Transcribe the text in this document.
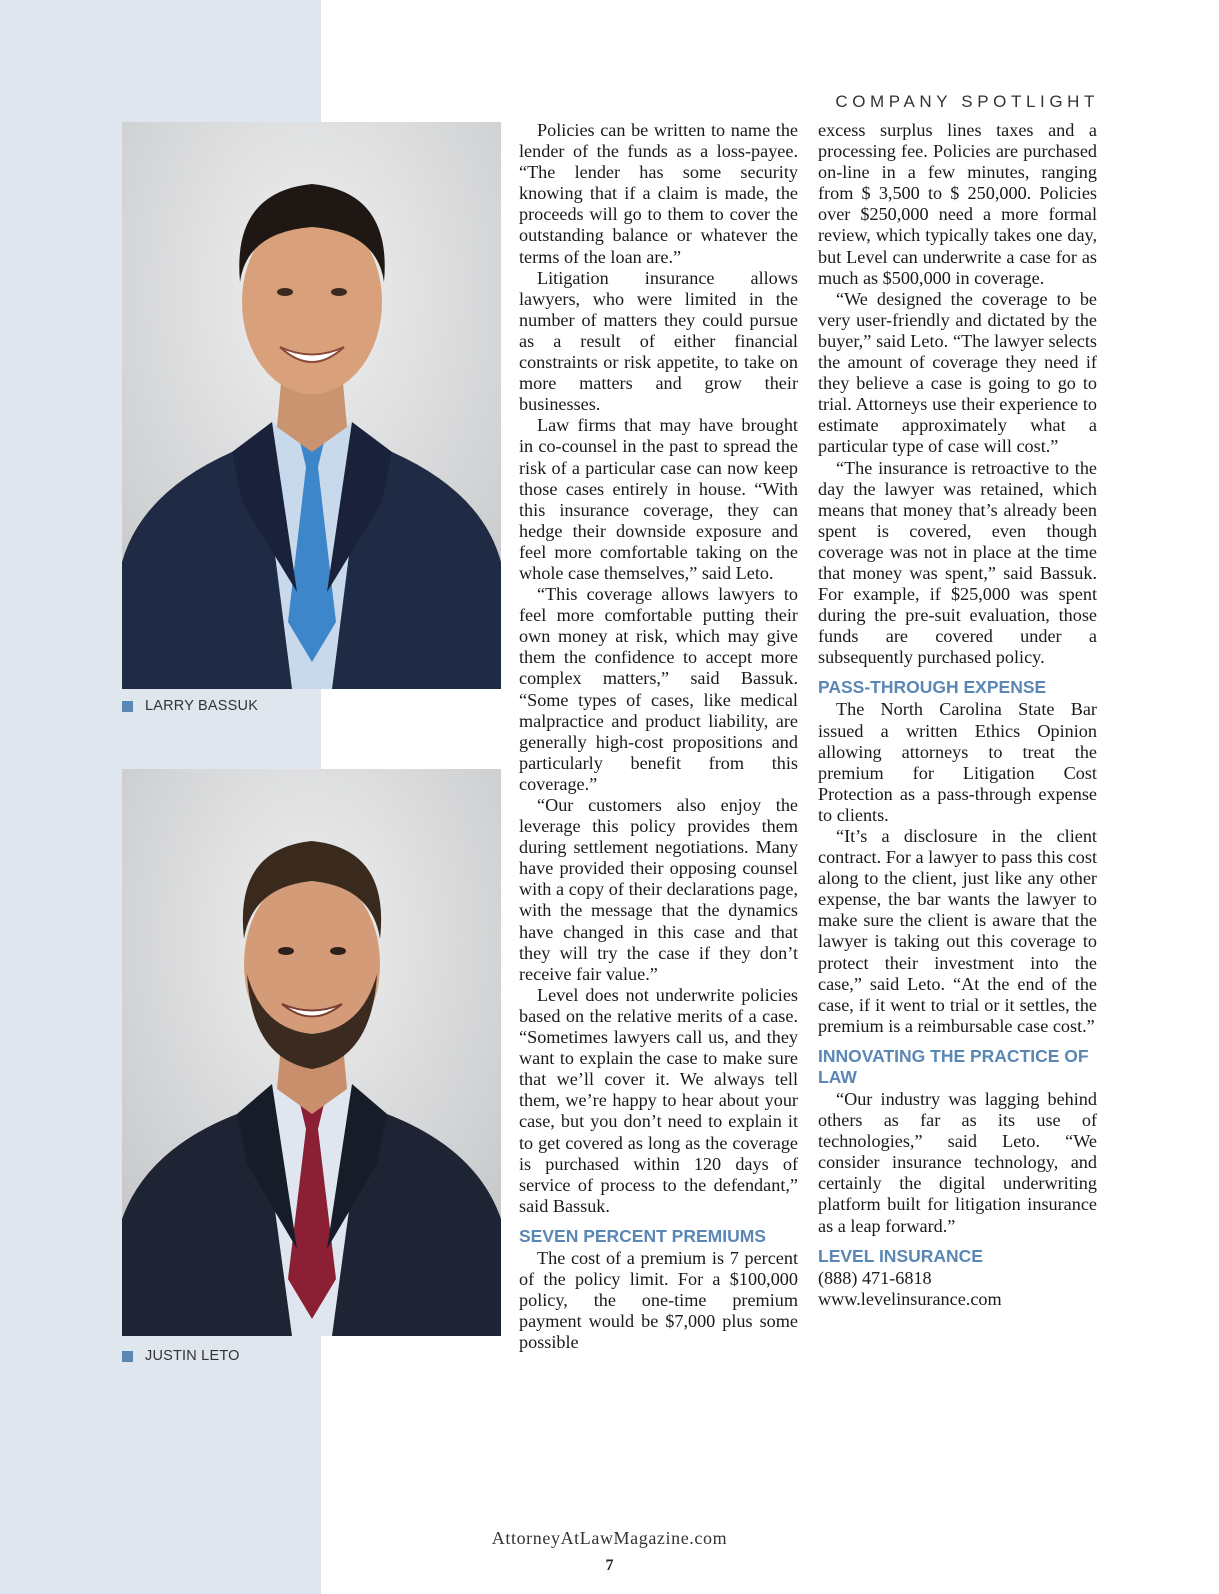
COMPANY SPOTLIGHT
LARRY BASSUK
JUSTIN LETO

Policies can be written to name the lender of the funds as a loss-payee. “The lender has some security knowing that if a claim is made, the proceeds will go to them to cover the outstanding balance or whatever the terms of the loan are.”

Litigation insurance allows lawyers, who were limited in the number of matters they could pursue as a result of either financial constraints or risk appetite, to take on more matters and grow their businesses.

Law firms that may have brought in co-counsel in the past to spread the risk of a particular case can now keep those cases entirely in house. “With this insurance coverage, they can hedge their downside exposure and feel more comfortable taking on the whole case themselves,” said Leto.

“This coverage allows lawyers to feel more comfortable putting their own money at risk, which may give them the confidence to accept more complex matters,” said Bassuk. “Some types of cases, like medical malpractice and product liability, are generally high-cost propositions and particularly benefit from this coverage.”

“Our customers also enjoy the leverage this policy provides them during settlement negotiations. Many have provided their opposing counsel with a copy of their declarations page, with the message that the dynamics have changed in this case and that they will try the case if they don’t receive fair value.”

Level does not underwrite policies based on the relative merits of a case. “Sometimes lawyers call us, and they want to explain the case to make sure that we’ll cover it. We always tell them, we’re happy to hear about your case, but you don’t need to explain it to get covered as long as the coverage is purchased within 120 days of service of process to the defendant,” said Bassuk.

SEVEN PERCENT PREMIUMS

The cost of a premium is 7 percent of the policy limit. For a $100,000 policy, the one-time premium payment would be $7,000 plus some possible

excess surplus lines taxes and a processing fee. Policies are purchased on-line in a few minutes, ranging from $ 3,500 to $ 250,000. Policies over $250,000 need a more formal review, which typically takes one day, but Level can underwrite a case for as much as $500,000 in coverage.

“We designed the coverage to be very user-friendly and dictated by the buyer,” said Leto. “The lawyer selects the amount of coverage they need if they believe a case is going to go to trial. Attorneys use their experience to estimate approximately what a particular type of case will cost.”

“The insurance is retroactive to the day the lawyer was retained, which means that money that’s already been spent is covered, even though coverage was not in place at the time that money was spent,” said Bassuk. For example, if $25,000 was spent during the pre-suit evaluation, those funds are covered under a subsequently purchased policy.

PASS-THROUGH EXPENSE

The North Carolina State Bar issued a written Ethics Opinion allowing attorneys to treat the premium for Litigation Cost Protection as a pass-through expense to clients.

“It’s a disclosure in the client contract. For a lawyer to pass this cost along to the client, just like any other expense, the bar wants the lawyer to make sure the client is aware that the lawyer is taking out this coverage to protect their investment into the case,” said Leto. “At the end of the case, if it went to trial or it settles, the premium is a reimbursable case cost.”

INNOVATING THE PRACTICE OF LAW

“Our industry was lagging behind others as far as its use of technologies,” said Leto. “We consider insurance technology, and certainly the digital underwriting platform built for litigation insurance as a leap forward.”

LEVEL INSURANCE

(888) 471-6818

www.levelinsurance.com

AttorneyAtLawMagazine.com
7
